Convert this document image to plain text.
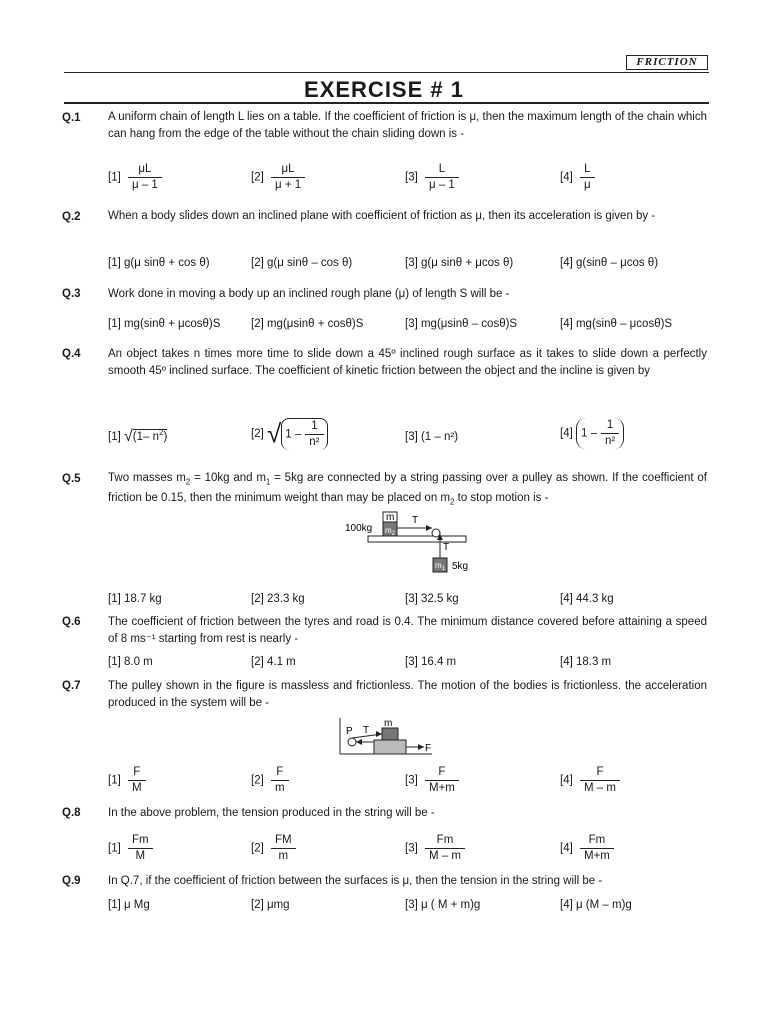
FRICTION
EXERCISE # 1
Q.1 A uniform chain of length L lies on a table. If the coefficient of friction is μ, then the maximum length of the chain which can hang from the edge of the table without the chain sliding down is -
$[1] \frac{\mu L}{\mu - 1}$	$[2] \frac{\mu L}{\mu + 1}$	$[3] \frac{L}{\mu - 1}$	$[4] \frac{L}{\mu}$
Q.2 When a body slides down an inclined plane with coefficient of friction as μ, then its acceleration is given by -
[1] g(μ sinθ + cos θ)	[2] g(μ sinθ – cos θ)	[3] g(μ sinθ + μcos θ)	[4] g(sinθ – μcos θ)
Q.3 Work done in moving a body up an inclined rough plane (μ) of length S will be -
[1] mg(sinθ + μcosθ)S	[2] mg(μsinθ + cosθ)S	[3] mg(μsinθ – cosθ)S	[4] mg(sinθ – μcosθ)S
Q.4 An object takes n times more time to slide down a 45º inclined rough surface as it takes to slide down a perfectly smooth 45º inclined surface. The coefficient of kinetic friction between the object and the incline is given by
[1] √(1– $n^2$)	[2] √ $1 - \frac{1}{\text{n²}}$	[3] (1 – n²)	[4] $1 - \frac{1}{\text{n²}}$
Q.5 Two masses $m_2 = 10kg$ and $m_1 = 5kg$ are connected by a string passing over a pulley as shown. If the coefficient of friction be 0.15, then the minimum weight than may be placed on $m_2$ to stop motion is -
100kg
m
$m_2$
T
T
$m_1$ 5kg
[1] 18.7 kg	[2] 23.3 kg	[3] 32.5 kg	[4] 44.3 kg
Q.6 The coefficient of friction between the tyres and road is 0.4. The minimum distance covered before attaining a speed of 8 ms⁻¹ starting from rest is nearly -
[1] 8.0 m	[2] 4.1 m	[3] 16.4 m	[4] 18.3 m
Q.7 The pulley shown in the figure is massless and frictionless. The motion of the bodies is frictionless. the acceleration produced in the system will be -
m
P T
F
$[1] \frac{F}{M}$	$[2] \frac{F}{m}$	$[3] \frac{F}{M+m}$	$[4] \frac{F}{M - m}$
Q.8 In the above problem, the tension produced in the string will be -
$[1] \frac{Fm}{M}$	$[2] \frac{FM}{m}$	$[3] \frac{Fm}{M - m}$	$[4] \frac{Fm}{M+m}$
Q.9 In Q.7, if the coefficient of friction between the surfaces is μ, then the tension in the string will be -
[1] μ Mg	[2] μmg	[3] μ ( M + m)g	[4] μ (M – m)g
